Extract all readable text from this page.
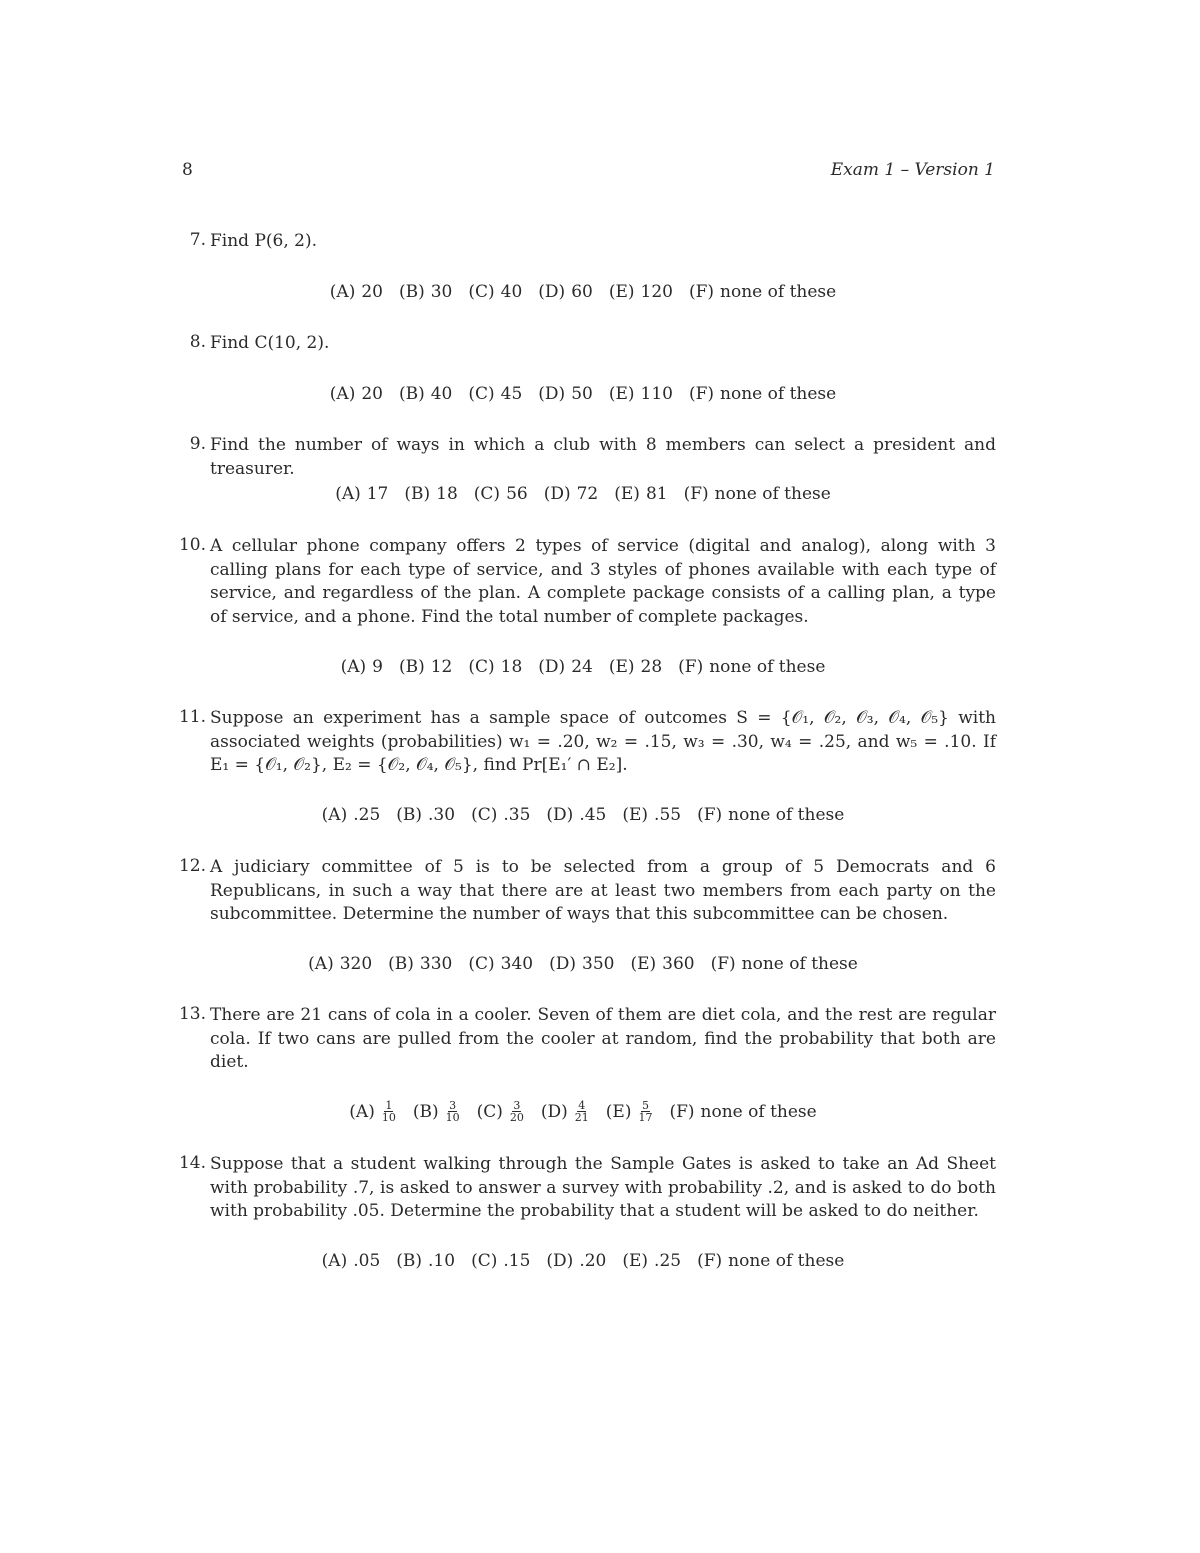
8	Exam 1 – Version 1
7. Find P(6, 2).
(A) 20 (B) 30 (C) 40 (D) 60 (E) 120 (F) none of these
8. Find C(10, 2).
(A) 20 (B) 40 (C) 45 (D) 50 (E) 110 (F) none of these
9. Find the number of ways in which a club with 8 members can select a president and treasurer.
(A) 17 (B) 18 (C) 56 (D) 72 (E) 81 (F) none of these
10. A cellular phone company offers 2 types of service (digital and analog), along with 3 calling plans for each type of service, and 3 styles of phones available with each type of service, and regardless of the plan. A complete package consists of a calling plan, a type of service, and a phone. Find the total number of complete packages.
(A) 9 (B) 12 (C) 18 (D) 24 (E) 28 (F) none of these
11. Suppose an experiment has a sample space of outcomes S = {𝒪₁, 𝒪₂, 𝒪₃, 𝒪₄, 𝒪₅} with associated weights (probabilities) w₁ = .20, w₂ = .15, w₃ = .30, w₄ = .25, and w₅ = .10. If E₁ = {𝒪₁, 𝒪₂}, E₂ = {𝒪₂, 𝒪₄, 𝒪₅}, find Pr[E₁′ ∩ E₂].
(A) .25 (B) .30 (C) .35 (D) .45 (E) .55 (F) none of these
12. A judiciary committee of 5 is to be selected from a group of 5 Democrats and 6 Republicans, in such a way that there are at least two members from each party on the subcommittee. Determine the number of ways that this subcommittee can be chosen.
(A) 320 (B) 330 (C) 340 (D) 350 (E) 360 (F) none of these
13. There are 21 cans of cola in a cooler. Seven of them are diet cola, and the rest are regular cola. If two cans are pulled from the cooler at random, find the probability that both are diet.
$(A) \frac{1}{10} (B) \frac{3}{10} (C) \frac{3}{20} (D) \frac{4}{21} (E) \frac{5}{17} (F)$ none of these
14. Suppose that a student walking through the Sample Gates is asked to take an Ad Sheet with probability .7, is asked to answer a survey with probability .2, and is asked to do both with probability .05. Determine the probability that a student will be asked to do neither.
(A) .05 (B) .10 (C) .15 (D) .20 (E) .25 (F) none of these
